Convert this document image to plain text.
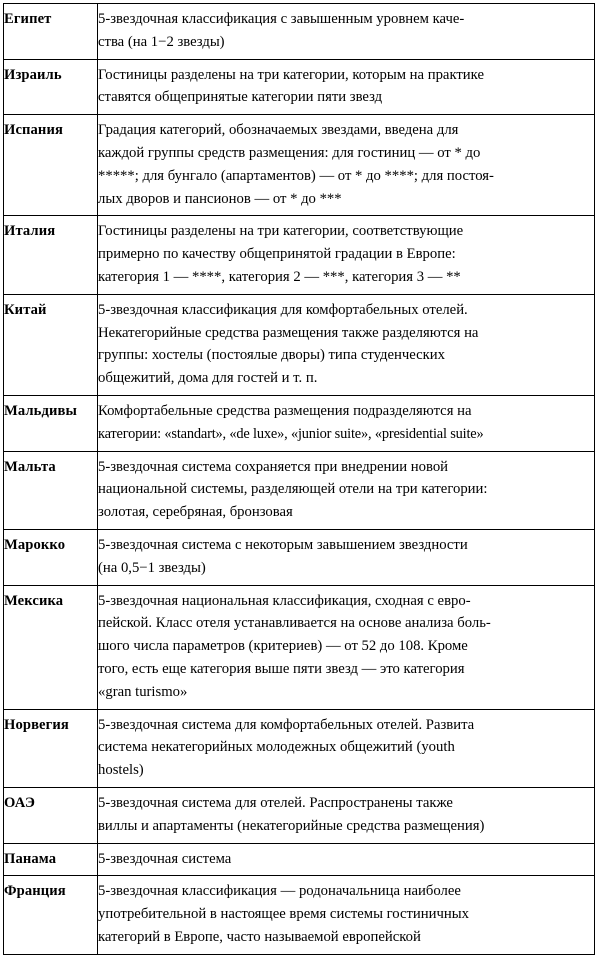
Египет	5-звездочная классификация с завышенным уровнем каче-
ства (на 1−2 звезды)

Израиль	Гостиницы разделены на три категории, которым на практике
ставятся общепринятые категории пяти звезд

Испания	Градация категорий, обозначаемых звездами, введена для
каждой группы средств размещения: для гостиниц — от * до
*****; для бунгало (апартаментов) — от * до ****; для постоя-
лых дворов и пансионов — от * до ***

Италия	Гостиницы разделены на три категории, соответствующие
примерно по качеству общепринятой градации в Европе:
категория 1 — ****, категория 2 — ***, категория 3 — **

Китай	5-звездочная классификация для комфортабельных отелей.
Некатегорийные средства размещения также разделяются на
группы: хостелы (постоялые дворы) типа студенческих
общежитий, дома для гостей и т. п.

Мальдивы	Комфортабельные средства размещения подразделяются на
категории: «standart», «de luxe», «junior suite», «presidential suite»

Мальта	5-звездочная система сохраняется при внедрении новой
национальной системы, разделяющей отели на три категории:
золотая, серебряная, бронзовая

Марокко	5-звездочная система с некоторым завышением звездности
(на 0,5−1 звезды)

Мексика	5-звездочная национальная классификация, сходная с евро-
пейской. Класс отеля устанавливается на основе анализа боль-
шого числа параметров (критериев) — от 52 до 108. Кроме
того, есть еще категория выше пяти звезд — это категория
«gran turismo»

Норвегия	5-звездочная система для комфортабельных отелей. Развита
система некатегорийных молодежных общежитий (youth
hostels)

ОАЭ	5-звездочная система для отелей. Распространены также
виллы и апартаменты (некатегорийные средства размещения)

Панама	5-звездочная система

Франция	5-звездочная классификация — родоначальница наиболее
употребительной в настоящее время системы гостиничных
категорий в Европе, часто называемой европейской
